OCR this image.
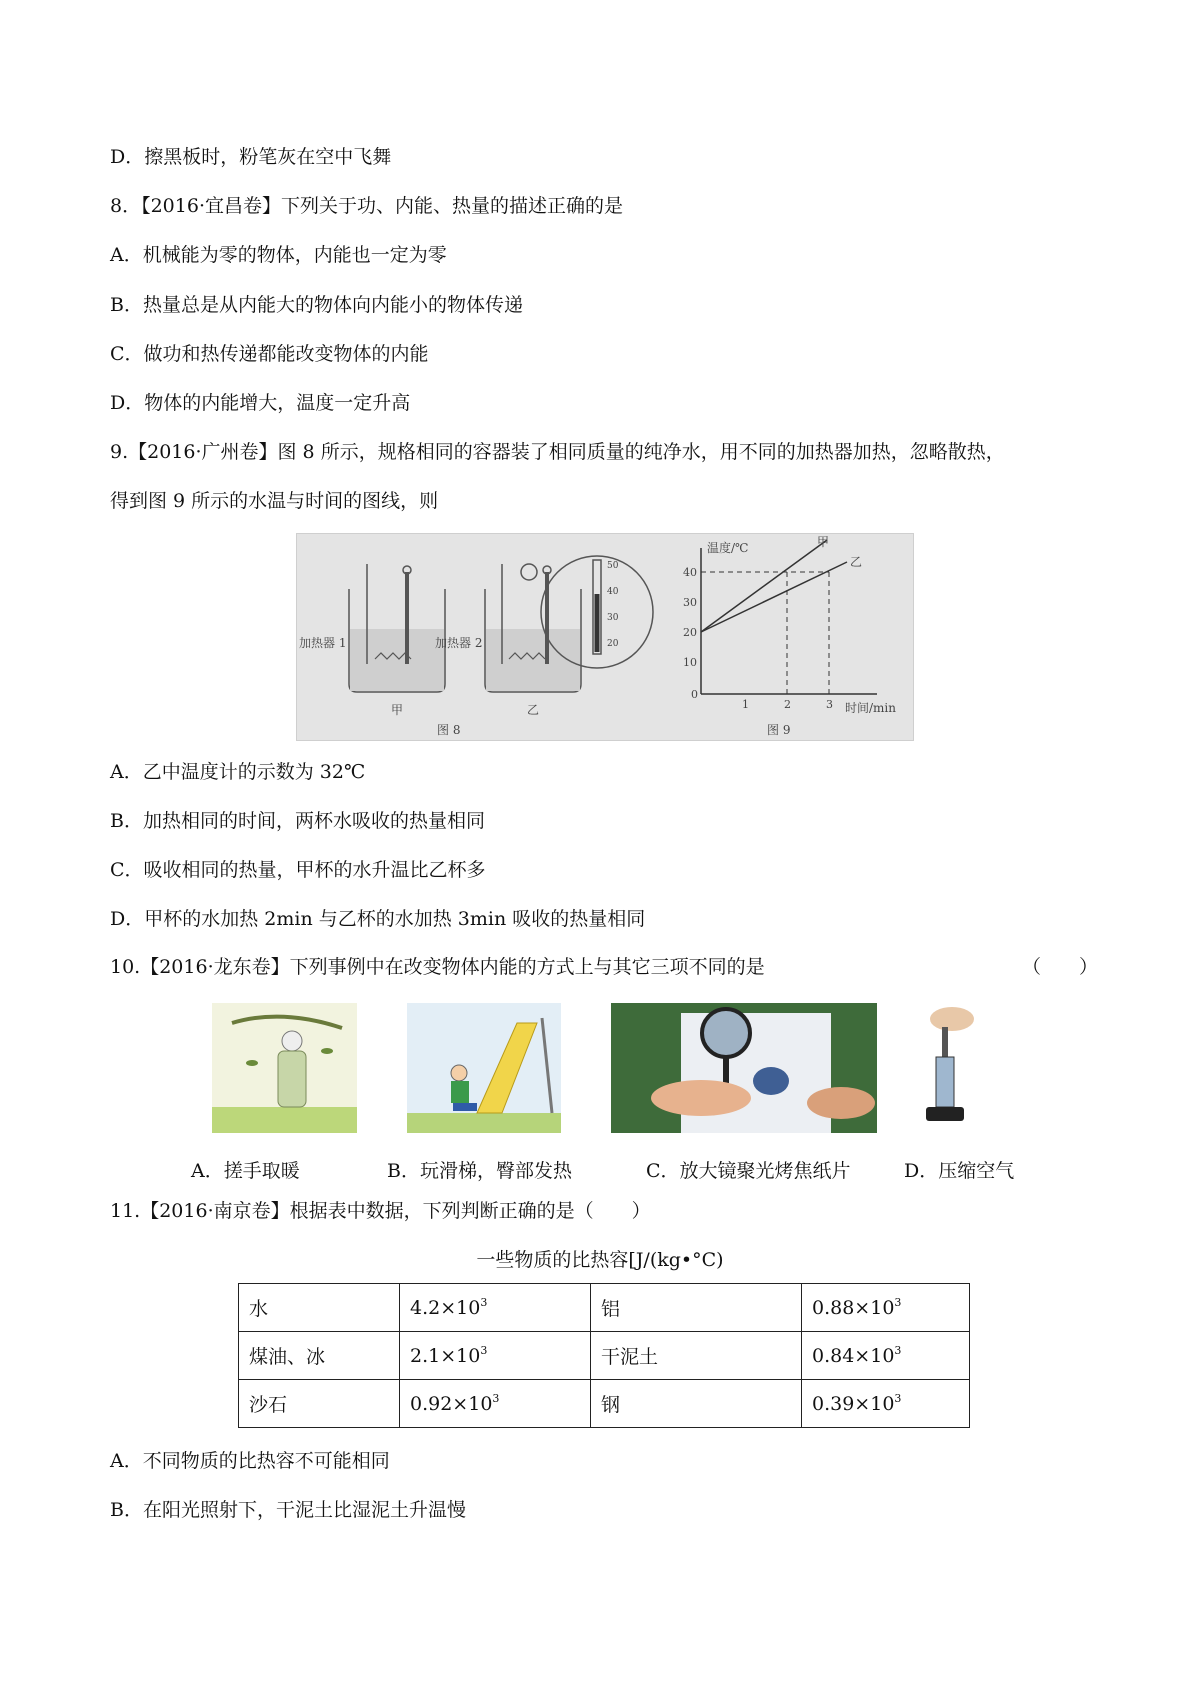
D．擦黑板时，粉笔灰在空中飞舞
8．【2016·宜昌卷】下列关于功、内能、热量的描述正确的是
A．机械能为零的物体，内能也一定为零
B．热量总是从内能大的物体向内能小的物体传递
C．做功和热传递都能改变物体的内能
D．物体的内能增大，温度一定升高
9.【2016·广州卷】图 8 所示，规格相同的容器装了相同质量的纯净水，用不同的加热器加热，忽略散热，
得到图 9 所示的水温与时间的图线，则
50
40
30
20
加热器 1	加热器 2
甲	乙
图 8
温度/℃
时间/min
0
10
20
30
40
1	2	3
甲
乙
图 9
A．乙中温度计的示数为 32℃
B．加热相同的时间，两杯水吸收的热量相同
C．吸收相同的热量，甲杯的水升温比乙杯多
D．甲杯的水加热 2min 与乙杯的水加热 3min 吸收的热量相同
10.【2016·龙东卷】下列事例中在改变物体内能的方式上与其它三项不同的是	（　　）
A．搓手取暖	B．玩滑梯，臀部发热	C．放大镜聚光烤焦纸片	D．压缩空气
11.【2016·南京卷】根据表中数据，下列判断正确的是（　　）
一些物质的比热容[J/(kg•°C)
水	$4.2\times 10^3$	铝	$0.88\times 10^3$
煤油、冰	$2.1\times 10^3$	干泥土	$0.84\times 10^3$
沙石	$0.92\times 10^3$	钢	$0.39\times 10^3$
A．不同物质的比热容不可能相同
B．在阳光照射下，干泥土比湿泥土升温慢
